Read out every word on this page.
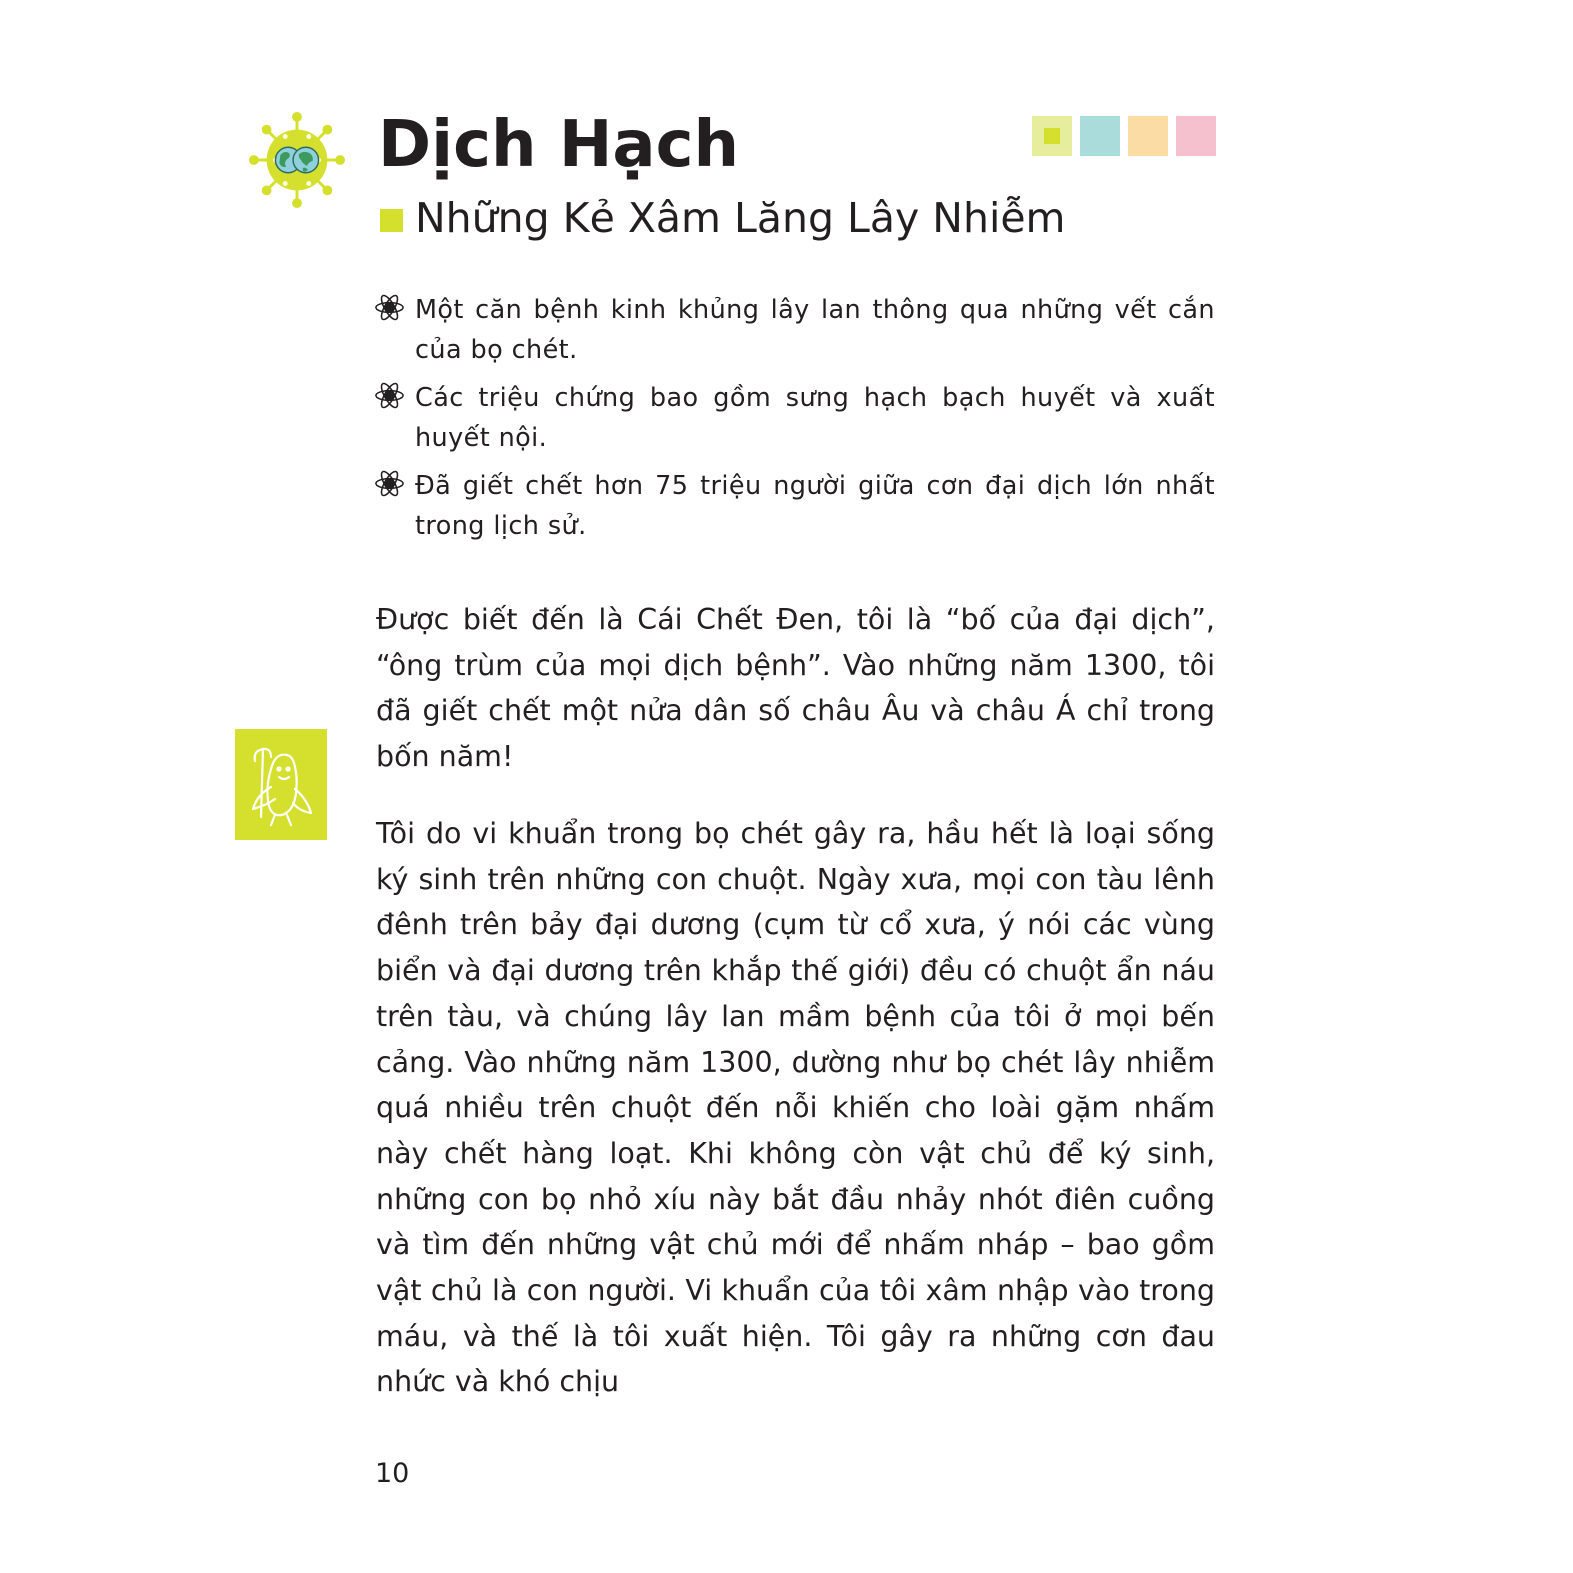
Dịch Hạch
Những Kẻ Xâm Lăng Lây Nhiễm
Một căn bệnh kinh khủng lây lan thông qua những vết cắn của bọ chét.
Các triệu chứng bao gồm sưng hạch bạch huyết và xuất huyết nội.
Đã giết chết hơn 75 triệu người giữa cơn đại dịch lớn nhất trong lịch sử.

Được biết đến là Cái Chết Đen, tôi là “bố của đại dịch”, “ông trùm của mọi dịch bệnh”. Vào những năm 1300, tôi đã giết chết một nửa dân số châu Âu và châu Á chỉ trong bốn năm!

Tôi do vi khuẩn trong bọ chét gây ra, hầu hết là loại sống ký sinh trên những con chuột. Ngày xưa, mọi con tàu lênh đênh trên bảy đại dương (cụm từ cổ xưa, ý nói các vùng biển và đại dương trên khắp thế giới) đều có chuột ẩn náu trên tàu, và chúng lây lan mầm bệnh của tôi ở mọi bến cảng. Vào những năm 1300, dường như bọ chét lây nhiễm quá nhiều trên chuột đến nỗi khiến cho loài gặm nhấm này chết hàng loạt. Khi không còn vật chủ để ký sinh, những con bọ nhỏ xíu này bắt đầu nhảy nhót điên cuồng và tìm đến những vật chủ mới để nhấm nháp – bao gồm vật chủ là con người. Vi khuẩn của tôi xâm nhập vào trong máu, và thế là tôi xuất hiện. Tôi gây ra những cơn đau nhức và khó chịu

10
